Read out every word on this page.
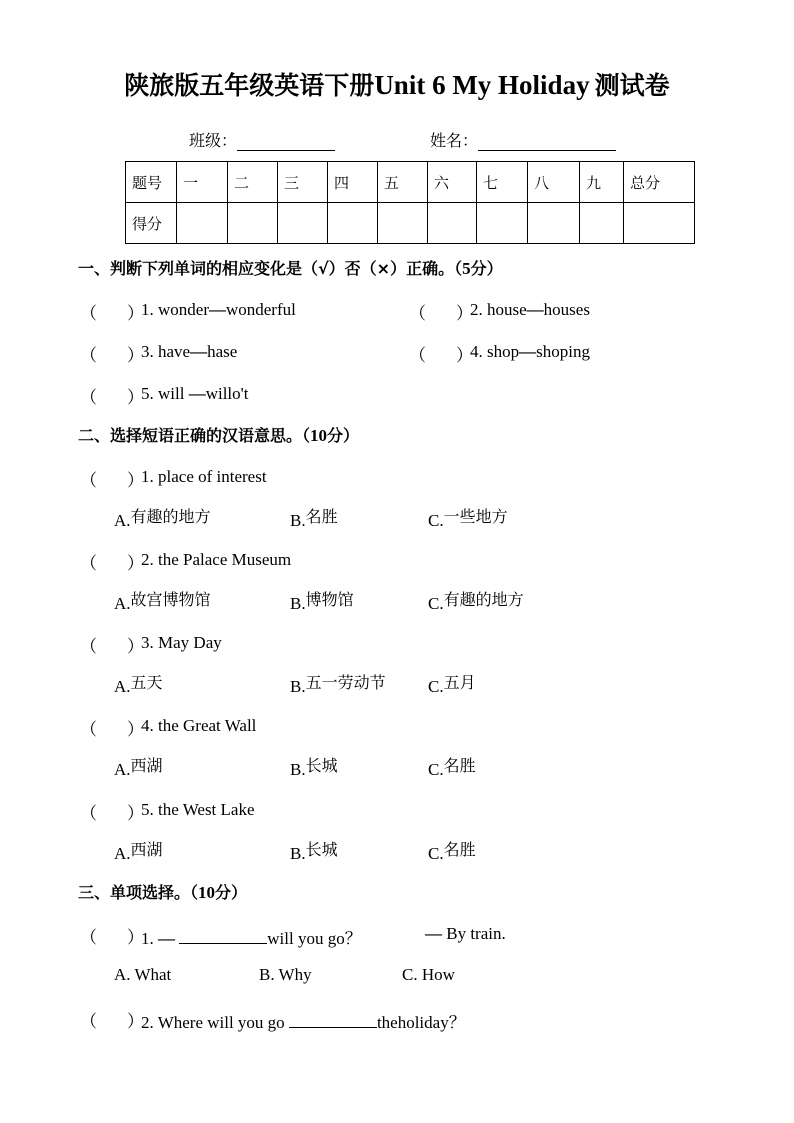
陕旅版五年级英语下册Unit 6 My Holiday 测试卷
班级：	姓名：
题号	一	二	三	四	五	六	七	八	九	总分
得分										
一、判断下列单词的相应变化是（√）否（×）正确。（5分）
（ ）	（ ）
（ ）	（ ）
（ ）
1. wonder—wonderful	2. house—houses
3. have—hase	4. shop—shoping
5. will —willo't
二、选择短语正确的汉语意思。（10分）
（ ）
1. place of interest
A.有趣的地方	B.名胜	C.一些地方
（ ）
2. the Palace Museum
A.故宫博物馆	B.博物馆	C.有趣的地方
（ ）
3. May Day
A.五天	B.五一劳动节 C.五月
（ ）
4. the Great Wall
A.西湖	B.长城	C.名胜
（ ）
5. the West Lake
A.西湖	B.长城	C.名胜
三、单项选择。（10分）
（ ）
1. —	will you go？	— By train.
A. What	B. Why	C. How
（ ）
2. Where will you go	theholiday？
